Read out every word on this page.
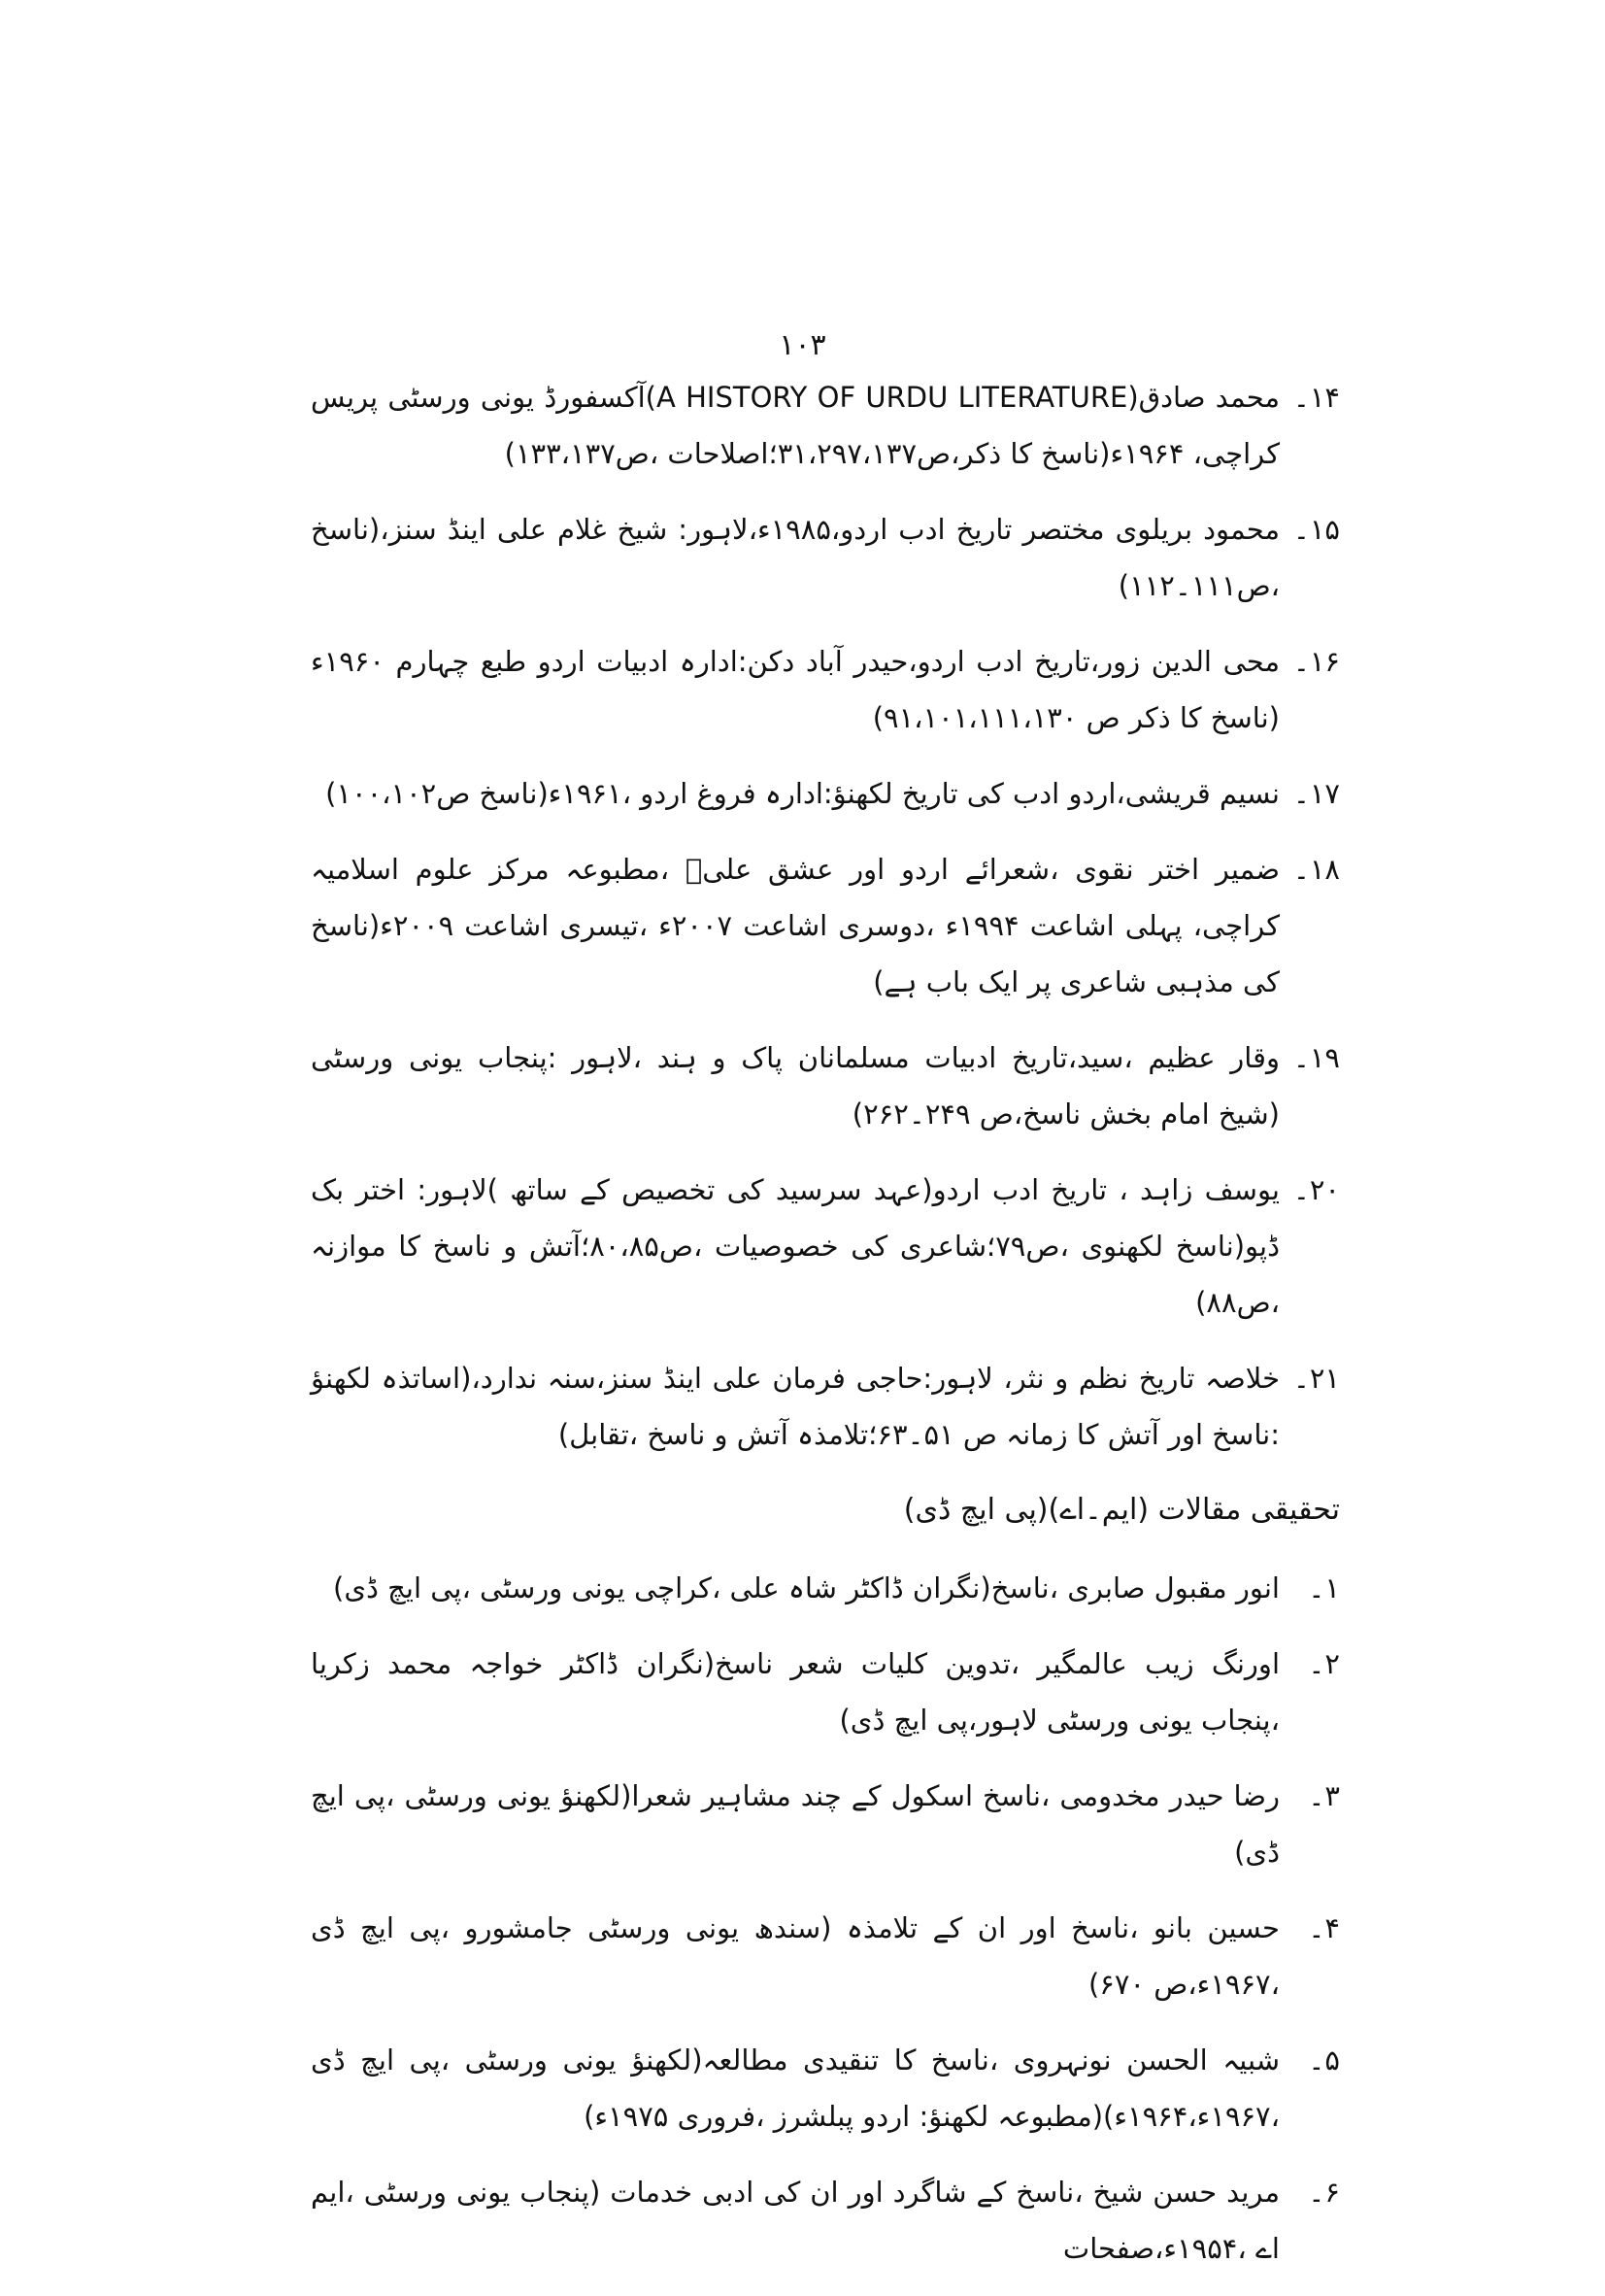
۱۰۳
۱۴۔
محمد صادق(A HISTORY OF URDU LITERATURE)آکسفورڈ یونی ورسٹی پریس کراچی، ۱۹۶۴ء(ناسخ کا ذکر،ص۳۱،۲۹۷،۱۳۷؛اصلاحات ،ص۱۳۳،۱۳۷)
۱۵۔
محمود بریلوی مختصر تاریخ ادب اردو،۱۹۸۵ء،لاہور: شیخ غلام علی اینڈ سنز،(ناسخ ،ص۱۱۱۔۱۱۲)
۱۶۔
محی الدین زور،تاریخ ادب اردو،حیدر آباد دکن:ادارہ ادبیات اردو طبع چہارم ۱۹۶۰ء (ناسخ کا ذکر ص ۹۱،۱۰۱،۱۱۱،۱۳۰)
۱۷۔
نسیم قریشی،اردو ادب کی تاریخ لکھنؤ:ادارہ فروغ اردو ،۱۹۶۱ء(ناسخ ص۱۰۰،۱۰۲)
۱۸۔
ضمیر اختر نقوی ،شعرائے اردو اور عشق علیؑ ،مطبوعہ مرکز علوم اسلامیہ کراچی، پہلی اشاعت ۱۹۹۴ء ،دوسری اشاعت ۲۰۰۷ء ،تیسری اشاعت ۲۰۰۹ء(ناسخ کی مذہبی شاعری پر ایک باب ہے)
۱۹۔
وقار عظیم ،سید،تاریخ ادبیات مسلمانان پاک و ہند ،لاہور :پنجاب یونی ورسٹی (شیخ امام بخش ناسخ،ص ۲۴۹۔۲۶۲)
۲۰۔
یوسف زاہد ، تاریخ ادب اردو(عہد سرسید کی تخصیص کے ساتھ )لاہور: اختر بک ڈپو(ناسخ لکھنوی ،ص۷۹؛شاعری کی خصوصیات ،ص۸۰،۸۵؛آتش و ناسخ کا موازنہ ،ص۸۸)
۲۱۔
خلاصہ تاریخ نظم و نثر، لاہور:حاجی فرمان علی اینڈ سنز،سنہ ندارد،(اساتذہ لکھنؤ :ناسخ اور آتش کا زمانہ ص ۵۱۔۶۳؛تلامذہ آتش و ناسخ ،تقابل)
تحقیقی مقالات (ایم۔اے)(پی ایچ ڈی)
۱۔
انور مقبول صابری ،ناسخ(نگران ڈاکٹر شاہ علی ،کراچی یونی ورسٹی ،پی ایچ ڈی)
۲۔
اورنگ زیب عالمگیر ،تدوین کلیات شعر ناسخ(نگران ڈاکٹر خواجہ محمد زکریا ،پنجاب یونی ورسٹی لاہور،پی ایچ ڈی)
۳۔
رضا حیدر مخدومی ،ناسخ اسکول کے چند مشاہیر شعرا(لکھنؤ یونی ورسٹی ،پی ایچ ڈی)
۴۔
حسین بانو ،ناسخ اور ان کے تلامذہ (سندھ یونی ورسٹی جامشورو ،پی ایچ ڈی ،۱۹۶۷ء،ص ۶۷۰)
۵۔
شبیہ الحسن نونہروی ،ناسخ کا تنقیدی مطالعہ(لکھنؤ یونی ورسٹی ،پی ایچ ڈی ،۱۹۶۷ء،۱۹۶۴ء)(مطبوعہ لکھنؤ: اردو پبلشرز ،فروری ۱۹۷۵ء)
۶۔
مرید حسن شیخ ،ناسخ کے شاگرد اور ان کی ادبی خدمات (پنجاب یونی ورسٹی ،ایم اے ،۱۹۵۴ء،صفحات
